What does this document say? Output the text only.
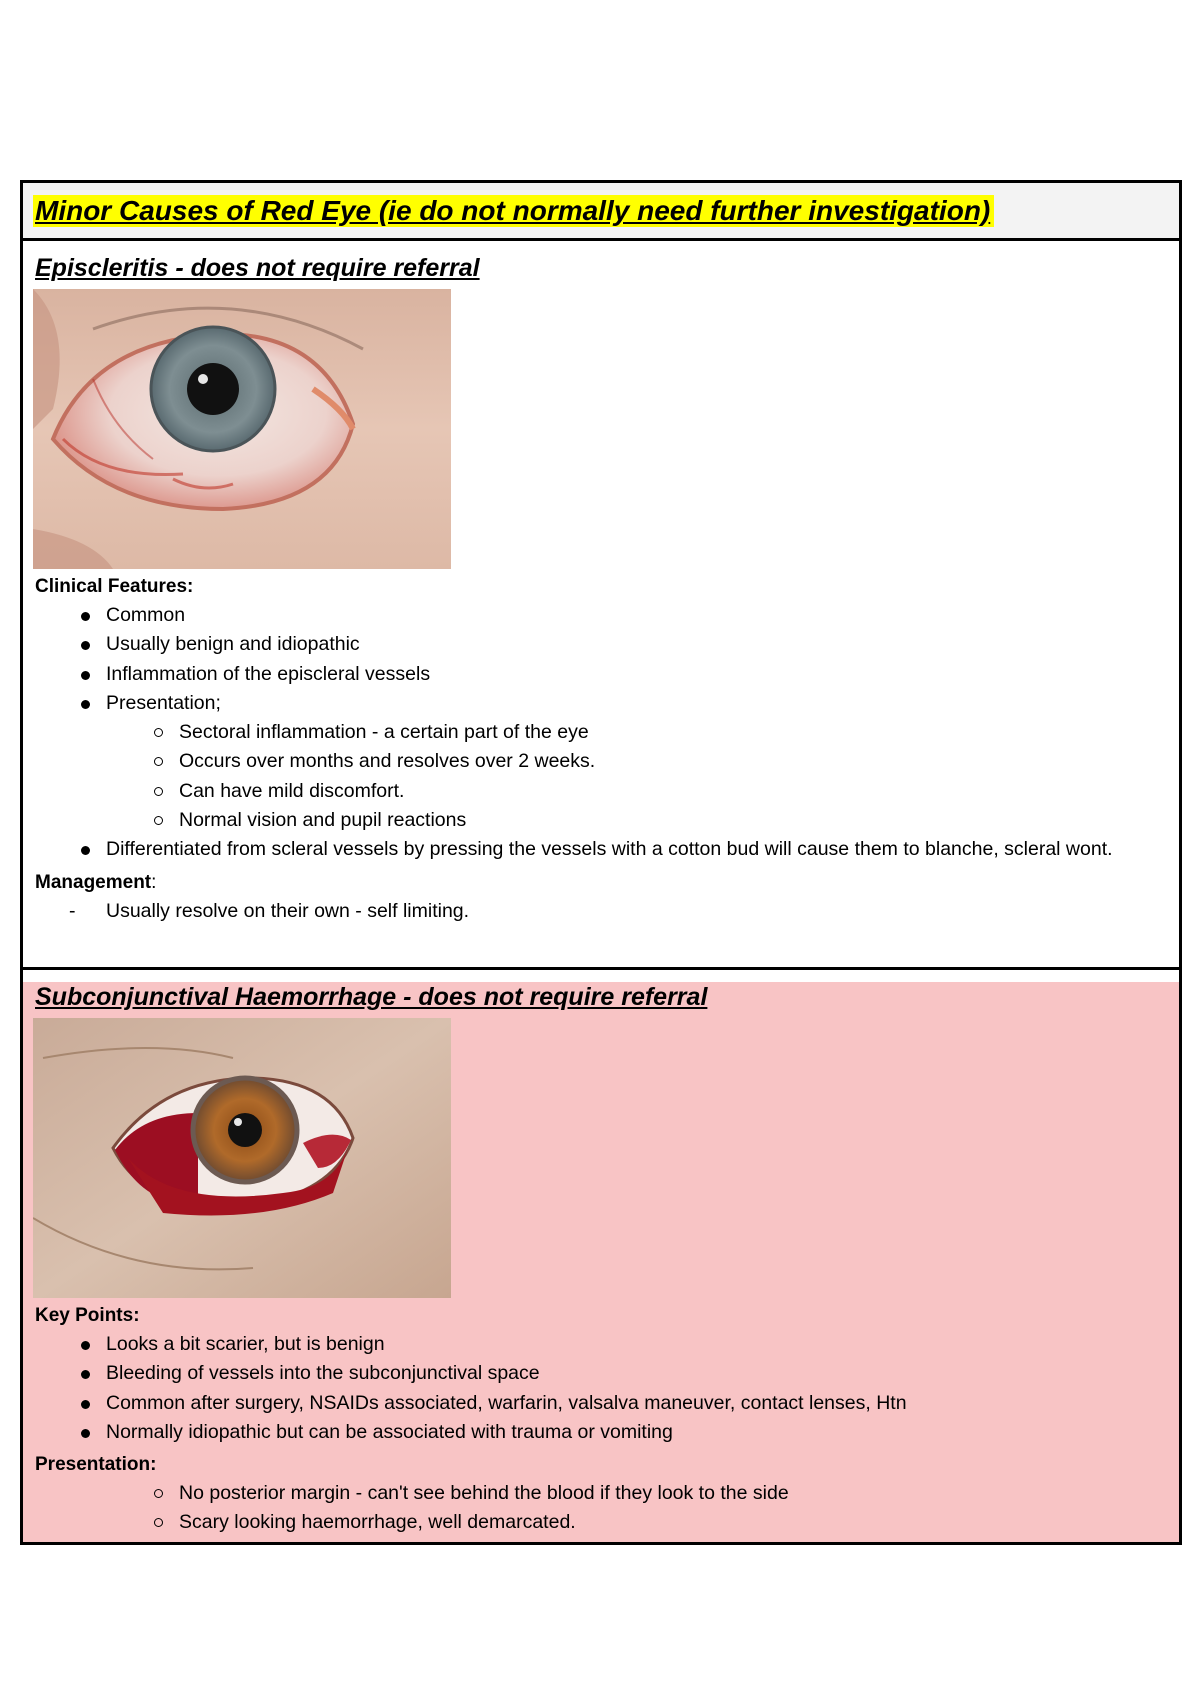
Minor Causes of Red Eye (ie do not normally need further investigation)
Episcleritis - does not require referral
Clinical Features:
Common
Usually benign and idiopathic
Inflammation of the episcleral vessels
Presentation;
Sectoral inflammation - a certain part of the eye
Occurs over months and resolves over 2 weeks.
Can have mild discomfort.
Normal vision and pupil reactions
Differentiated from scleral vessels by pressing the vessels with a cotton bud will cause them to blanche, scleral wont.
Management:
- Usually resolve on their own - self limiting.
Subconjunctival Haemorrhage - does not require referral
Key Points:
Looks a bit scarier, but is benign
Bleeding of vessels into the subconjunctival space
Common after surgery, NSAIDs associated, warfarin, valsalva maneuver, contact lenses, Htn
Normally idiopathic but can be associated with trauma or vomiting
Presentation:
No posterior margin - can't see behind the blood if they look to the side
Scary looking haemorrhage, well demarcated.
